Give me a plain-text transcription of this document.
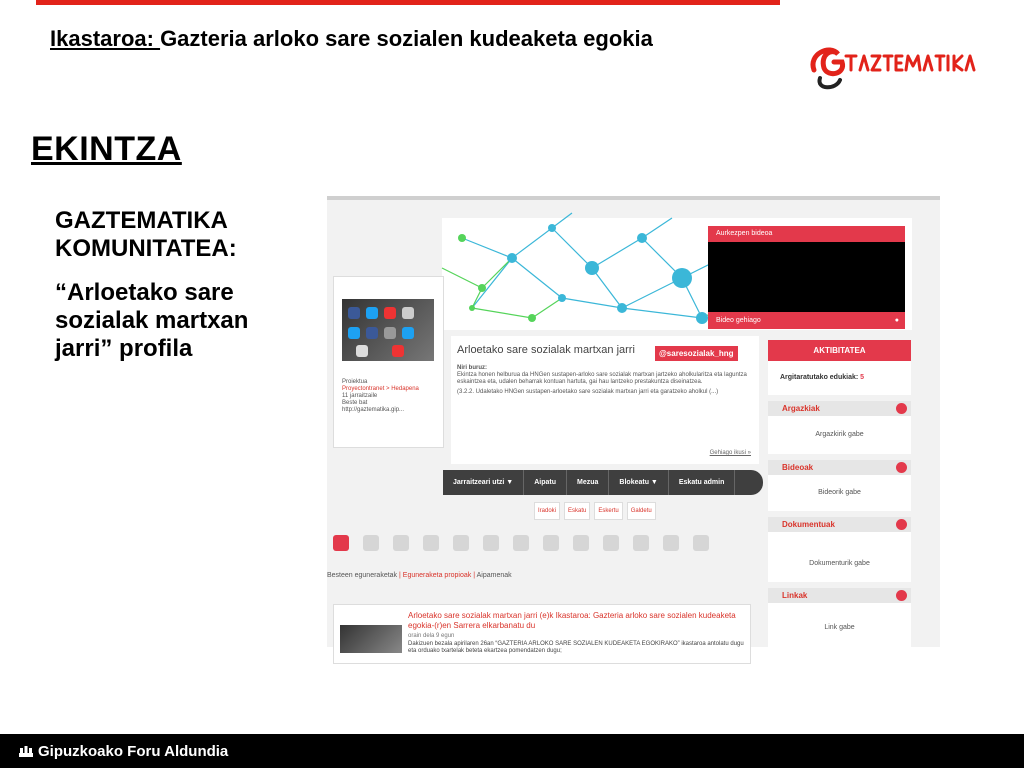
Ikastaroa: Gazteria arloko sare sozialen kudeaketa egokia
EKINTZA
GAZTEMATIKA KOMUNITATEA:
“Arloetako sare sozialak martxan jarri” profila
Aurkezpen bideoa
Bideo gehiago	●
Proiektua
Proyectontranet > Hedapena
11 jarraitzaile
Beste bat
http://gaztematika.gip...
Arloetako sare sozialak martxan jarri	@saresozialak_hng
Niri buruz:
Ekintza honen helburua da HNGen sustapen-arloko sare sozialak martxan jartzeko aholkularitza eta laguntza eskaintzea eta, udalen beharrak kontuan hartuta, gai hau lantzeko prestakuntza diseinatzea.
(3.2.2. Udaletako HNGen sustapen-arloetako sare sozialak martxan jarri eta garatzeko aholkul (...)
Gehiago ikusi »
Jarraitzeari utzi ▼	Aipatu	Mezua	Blokeatu ▼	Eskatu admin
Iradoki	Eskatu	Eskertu	Galdetu
Besteen eguneraketak | Eguneraketa propioak | Aipamenak
Arloetako sare sozialak martxan jarri (e)k Ikastaroa: Gazteria arloko sare sozialen kudeaketa egokia-(r)en Sarrera elkarbanatu du
orain dela 9 egun
Dakizuen bezala apirilaren 26an “GAZTERIA ARLOKO SARE SOZIALEN KUDEAKETA EGOKIRAKO” ikastaroa antolatu dugu eta orduako txartelak beteta ekartzea pomendatzen dugu;
AKTIBITATEA
Argitaratutako edukiak: 5
Argazkiak
Argazkirik gabe
Bideoak
Bideorik gabe
Dokumentuak
Dokumenturik gabe
Linkak
Link gabe
Gipuzkoako Foru Aldundia
